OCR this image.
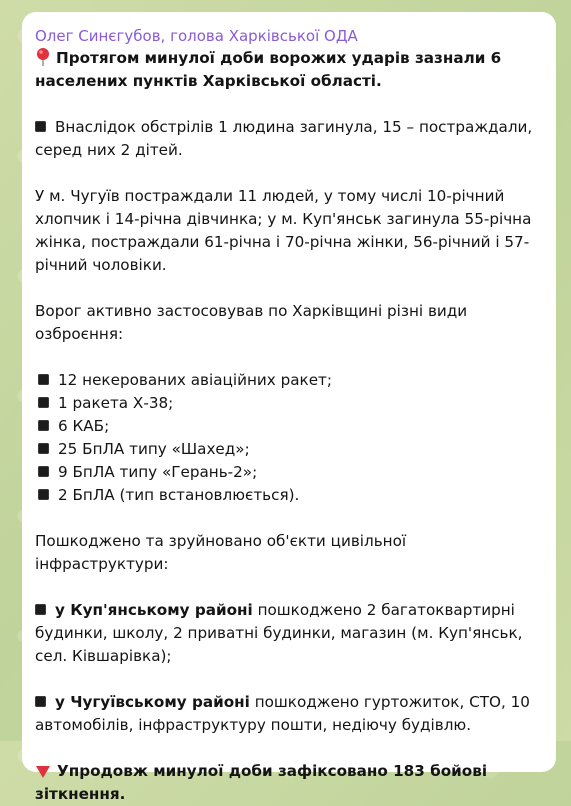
Олег Синєгубов, голова Харківської ОДА

Протягом минулої доби ворожих ударів зазнали 6 населених пунктів Харківської області.

Внаслідок обстрілів 1 людина загинула, 15 – постраждали, серед них 2 дітей.

У м. Чугуїв постраждали 11 людей, у тому числі 10-річний хлопчик і 14-річна дівчинка; у м. Куп'янськ загинула 55-річна жінка, постраждали 61-річна і 70-річна жінки, 56-річний і 57-річний чоловіки.

Ворог активно застосовував по Харківщині різні види озброєння:

12 некерованих авіаційних ракет;

1 ракета Х-38;

6 КАБ;

25 БпЛА типу «Шахед»;

9 БпЛА типу «Герань-2»;

2 БпЛА (тип встановлюється).

Пошкоджено та зруйновано об'єкти цивільної інфраструктури:

у Куп'янському районі пошкоджено 2 багатоквартирні будинки, школу, 2 приватні будинки, магазин (м. Куп'янськ, сел. Ківшарівка);

у Чугуївському районі пошкоджено гуртожиток, СТО, 10 автомобілів, інфраструктуру пошти, недіючу будівлю.

Упродовж минулої доби зафіксовано 183 бойові зіткнення.
